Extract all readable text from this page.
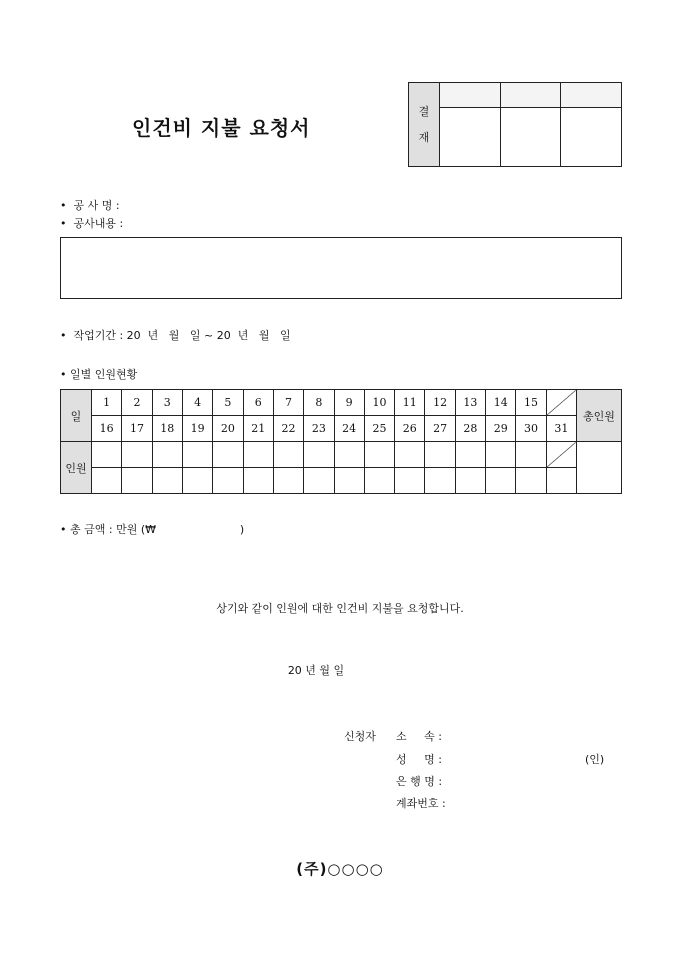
인건비 지불 요청서
결
재			

•  공 사 명 :
•  공사내용 :
•  작업기간 : 20  년   월   일 ~ 20  년   월   일
• 일별 인원현황
일	1	2	3	4	5	6	7	8	9	10	11	12	13	14	15		총인원
	16	17	18	19	20	21	22	23	24	25	26	27	28	29	30	31	
인원																	

• 총 금액 : 만원 (₩                        )
상기와 같이 인원에 대한 인건비 지불을 요청합니다.
20 년 월 일
신청자 소     속 :
성     명 :	(인)
은 행 명 :
계좌번호 :
(주)○○○○
